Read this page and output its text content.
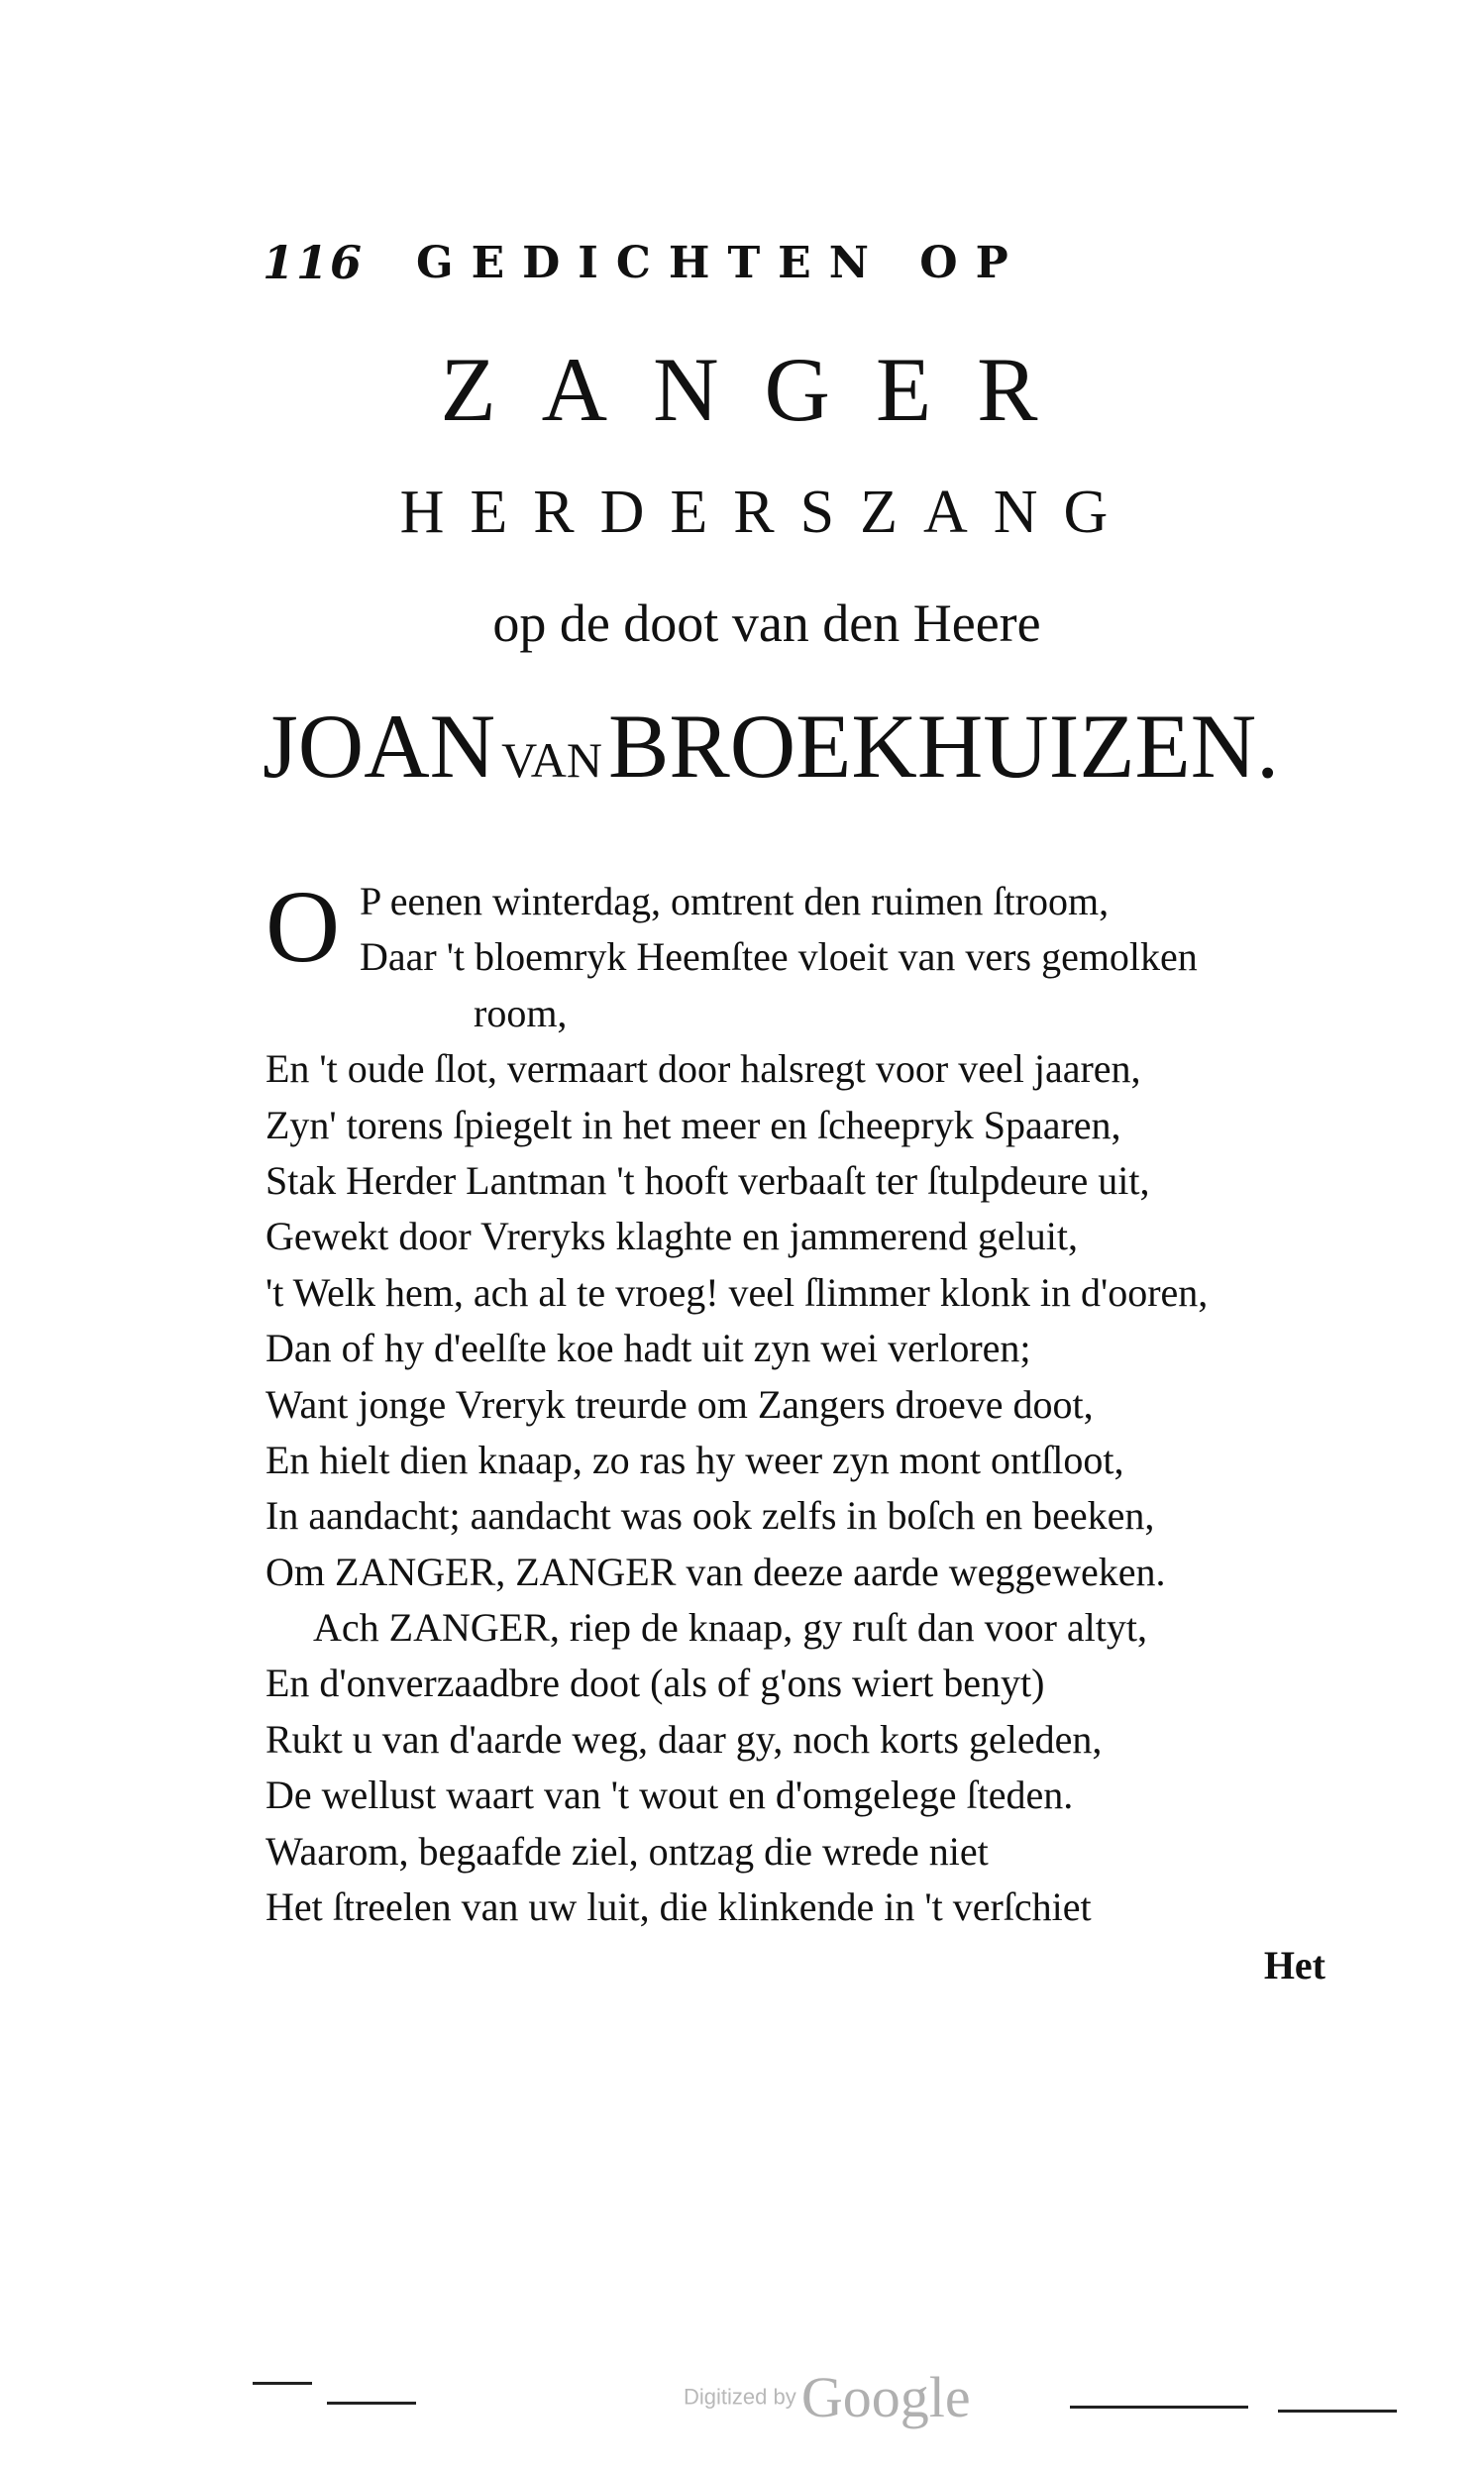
116 GEDICHTEN OP
ZANGER
HERDERSZANG
op de doot van den Heere
JOAN VANBROEKHUIZEN.
O P eenen winterdag, omtrent den ruimen ſtroom,
Daar 't bloemryk Heemſtee vloeit van vers gemolken
room,
En 't oude ſlot, vermaart door halsregt voor veel jaaren,
Zyn' torens ſpiegelt in het meer en ſcheepryk Spaaren,
Stak Herder Lantman 't hooft verbaaſt ter ſtulpdeure uit,
Gewekt door Vreryks klaghte en jammerend geluit,
't Welk hem, ach al te vroeg! veel ſlimmer klonk in d'ooren,
Dan of hy d'eelſte koe hadt uit zyn wei verloren;
Want jonge Vreryk treurde om Zangers droeve doot,
En hielt dien knaap, zo ras hy weer zyn mont ontſloot,
In aandacht; aandacht was ook zelfs in boſch en beeken,
Om ZANGER, ZANGER van deeze aarde weggeweken.
Ach ZANGER, riep de knaap, gy ruſt dan voor altyt,
En d'onverzaadbre doot (als of g'ons wiert benyt)
Rukt u van d'aarde weg, daar gy, noch korts geleden,
De wellust waart van 't wout en d'omgelege ſteden.
Waarom, begaafde ziel, ontzag die wrede niet
Het ſtreelen van uw luit, die klinkende in 't verſchiet
Het
Digitized by Google
